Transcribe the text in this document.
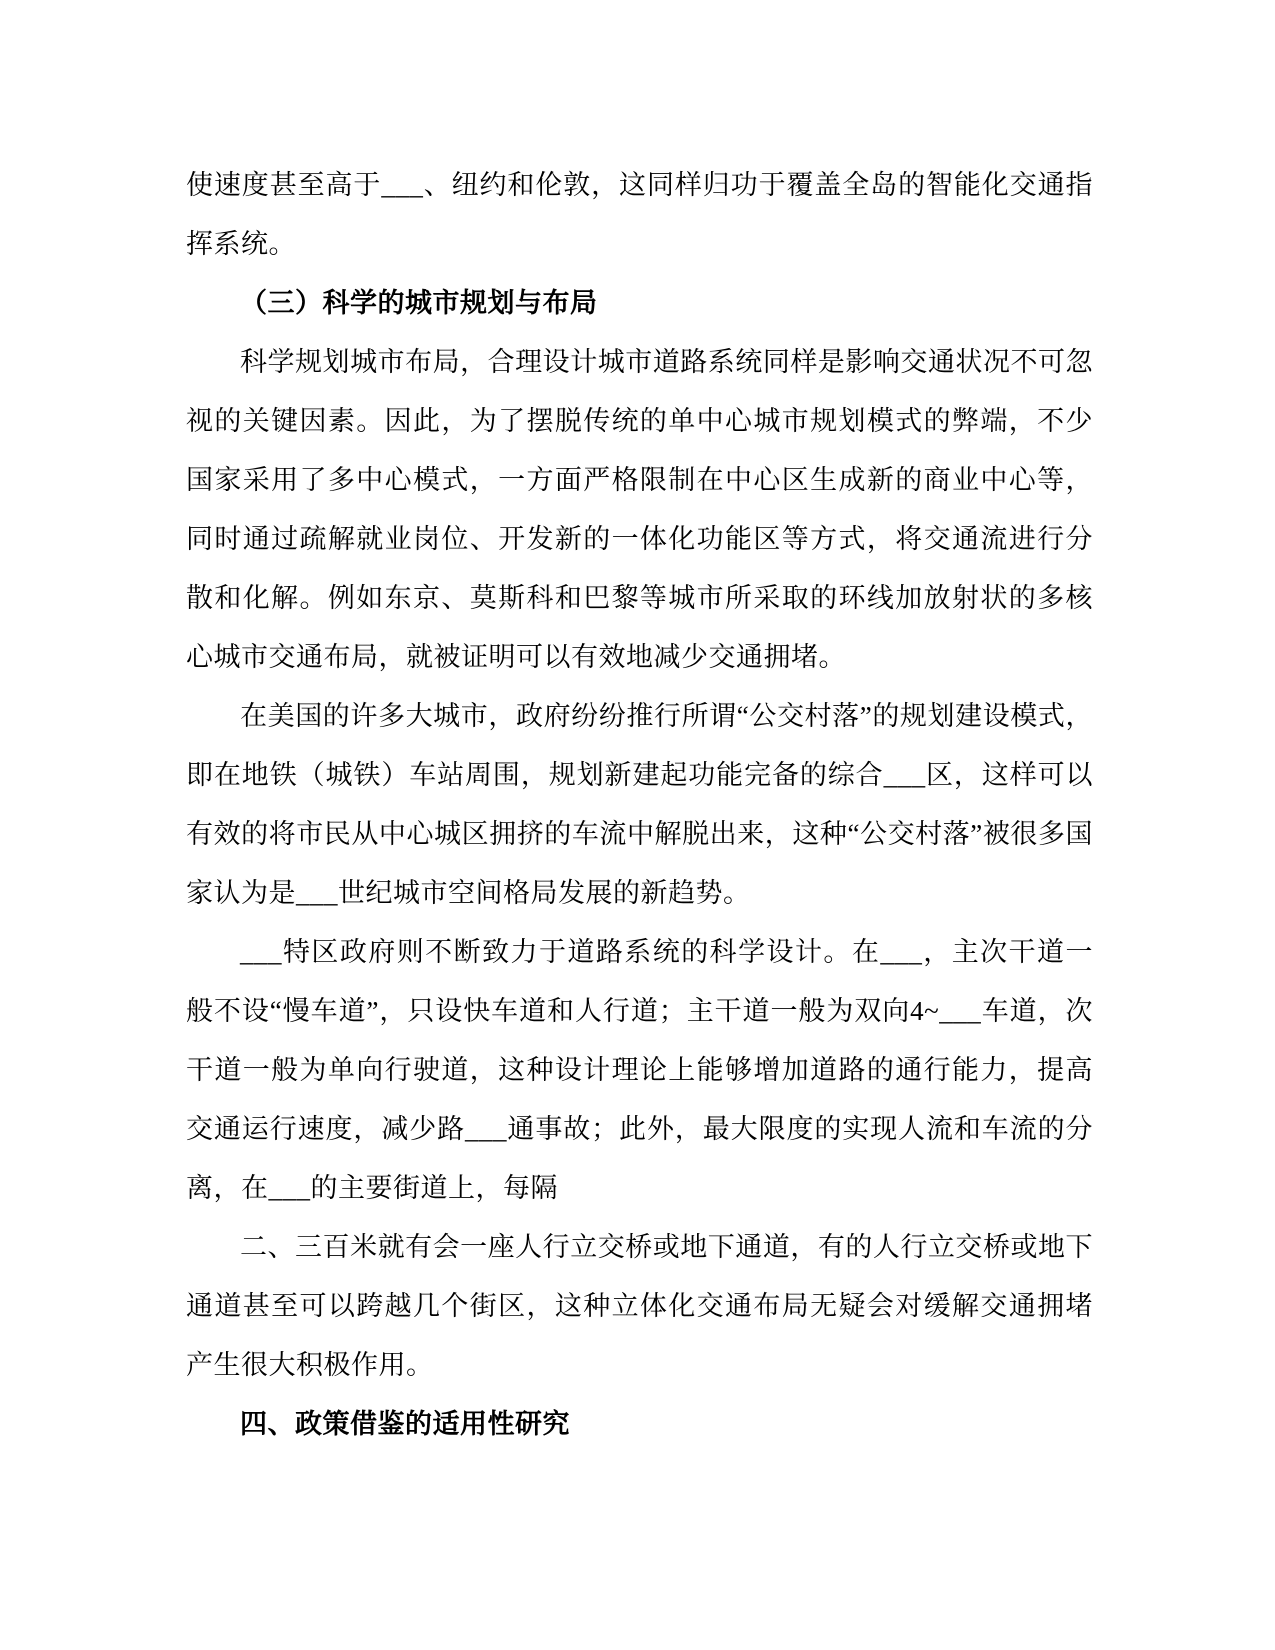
使速度甚至高于___、纽约和伦敦，这同样归功于覆盖全岛的智能化交通指挥系统。

（三）科学的城市规划与布局

科学规划城市布局，合理设计城市道路系统同样是影响交通状况不可忽视的关键因素。因此，为了摆脱传统的单中心城市规划模式的弊端，不少国家采用了多中心模式，一方面严格限制在中心区生成新的商业中心等，同时通过疏解就业岗位、开发新的一体化功能区等方式，将交通流进行分散和化解。例如东京、莫斯科和巴黎等城市所采取的环线加放射状的多核心城市交通布局，就被证明可以有效地减少交通拥堵。

在美国的许多大城市，政府纷纷推行所谓“公交村落”的规划建设模式，即在地铁（城铁）车站周围，规划新建起功能完备的综合___区，这样可以有效的将市民从中心城区拥挤的车流中解脱出来，这种“公交村落”被很多国家认为是___世纪城市空间格局发展的新趋势。

___特区政府则不断致力于道路系统的科学设计。在___，主次干道一般不设“慢车道”，只设快车道和人行道；主干道一般为双向4~___车道，次干道一般为单向行驶道，这种设计理论上能够增加道路的通行能力，提高交通运行速度，减少路___通事故；此外，最大限度的实现人流和车流的分离，在___的主要街道上，每隔

二、三百米就有会一座人行立交桥或地下通道，有的人行立交桥或地下通道甚至可以跨越几个街区，这种立体化交通布局无疑会对缓解交通拥堵产生很大积极作用。

四、政策借鉴的适用性研究
